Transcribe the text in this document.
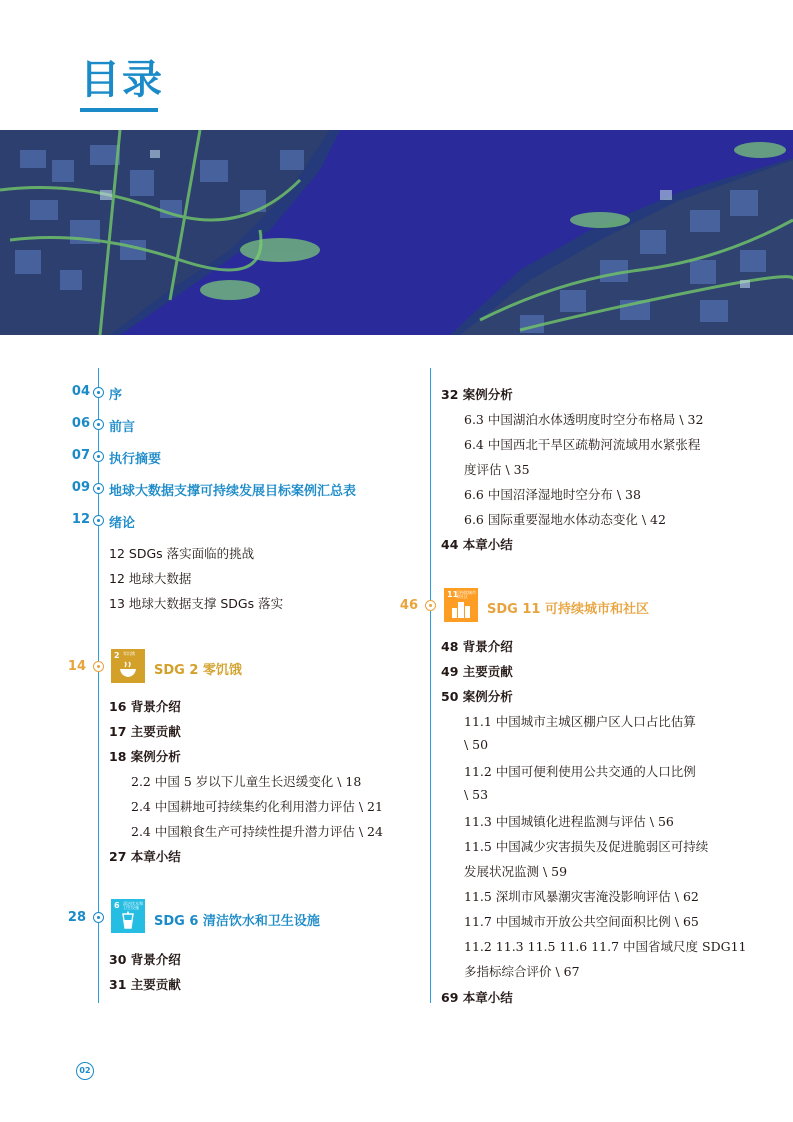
目录
04 序
06 前言
07 执行摘要
09 地球大数据支撑可持续发展目标案例汇总表
12 绪论
12 SDGs 落实面临的挑战
12 地球大数据
13 地球大数据支撑 SDGs 落实
14
2 零饥饿
SDG 2 零饥饿
16 背景介绍
17 主要贡献
18 案例分析
2.2 中国 5 岁以下儿童生长迟缓变化 \ 18
2.4 中国耕地可持续集约化利用潜力评估 \ 21
2.4 中国粮食生产可持续性提升潜力评估 \ 24
27 本章小结
28
6 清洁饮水和卫生设施
SDG 6 清洁饮水和卫生设施
30 背景介绍
31 主要贡献
32 案例分析
6.3 中国湖泊水体透明度时空分布格局 \ 32
6.4 中国西北干旱区疏勒河流域用水紧张程
度评估 \ 35
6.6 中国沼泽湿地时空分布 \ 38
6.6 国际重要湿地水体动态变化 \ 42
44 本章小结
46
11
可持续城市和社区
SDG 11 可持续城市和社区
48 背景介绍
49 主要贡献
50 案例分析
11.1 中国城市主城区棚户区人口占比估算
\ 50
11.2 中国可便利使用公共交通的人口比例
\ 53
11.3 中国城镇化进程监测与评估 \ 56
11.5 中国减少灾害损失及促进脆弱区可持续
发展状况监测 \ 59
11.5 深圳市风暴潮灾害淹没影响评估 \ 62
11.7 中国城市开放公共空间面积比例 \ 65
11.2 11.3 11.5 11.6 11.7 中国省域尺度 SDG11
多指标综合评价 \ 67
69 本章小结
02
